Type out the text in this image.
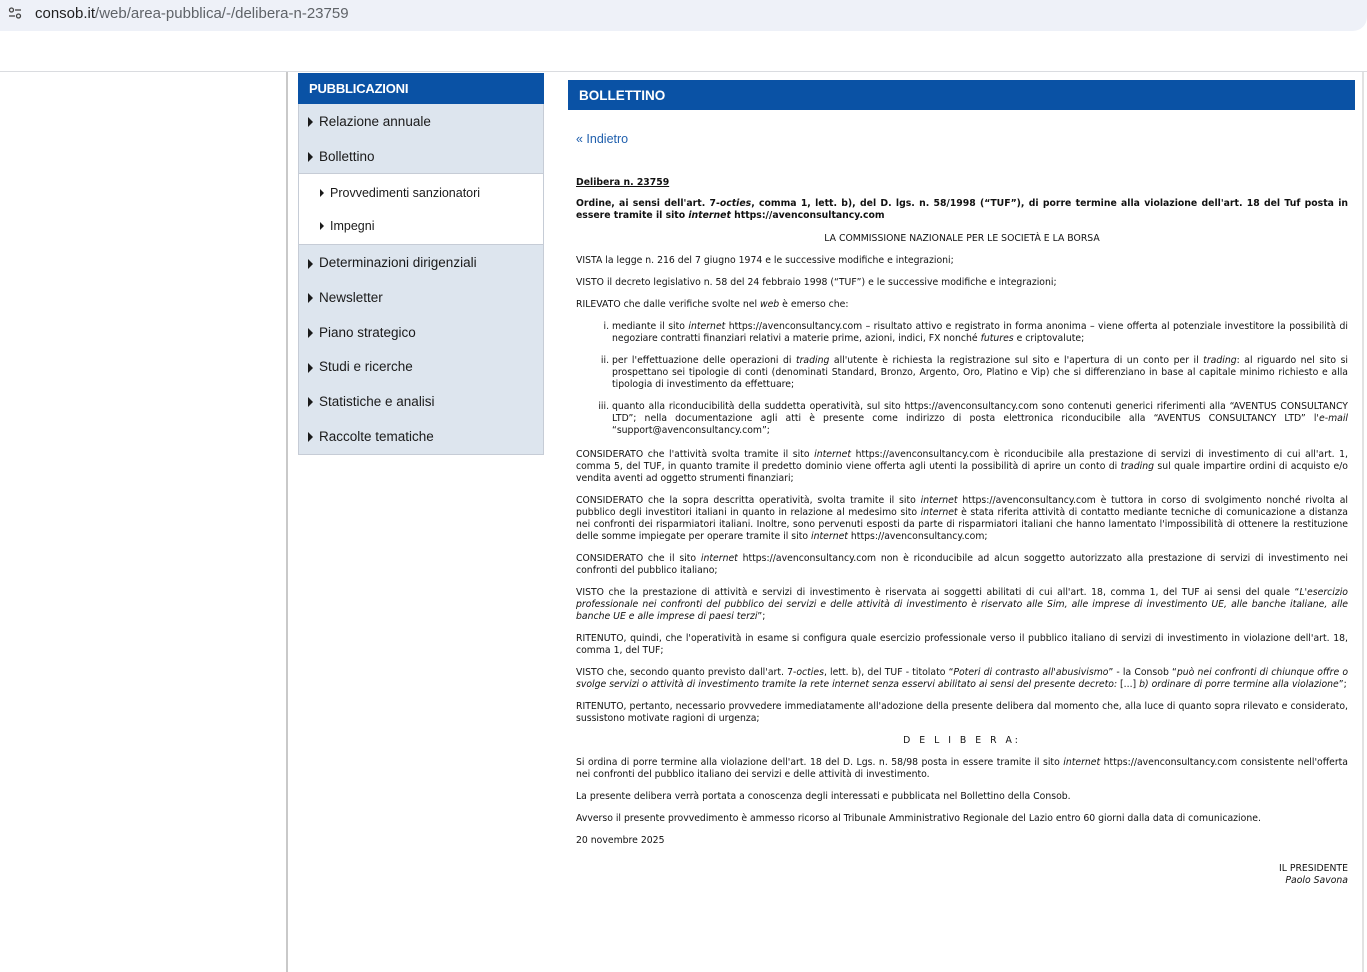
consob.it/web/area-pubblica/-/delibera-n-23759
PUBBLICAZIONI
Relazione annuale
Bollettino
Provvedimenti sanzionatori
Impegni
Determinazioni dirigenziali
Newsletter
Piano strategico
Studi e ricerche
Statistiche e analisi
Raccolte tematiche
BOLLETTINO
« Indietro

Delibera n. 23759

Ordine, ai sensi dell'art. 7-octies, comma 1, lett. b), del D. lgs. n. 58/1998 (“TUF”), di porre termine alla violazione dell'art. 18 del Tuf posta in essere tramite il sito internet https://avenconsultancy.com

LA COMMISSIONE NAZIONALE PER LE SOCIETÀ E LA BORSA

VISTA la legge n. 216 del 7 giugno 1974 e le successive modifiche e integrazioni;

VISTO il decreto legislativo n. 58 del 24 febbraio 1998 (“TUF”) e le successive modifiche e integrazioni;

RILEVATO che dalle verifiche svolte nel web è emerso che:

i. mediante il sito internet https://avenconsultancy.com – risultato attivo e registrato in forma anonima – viene offerta al potenziale investitore la possibilità di negoziare contratti finanziari relativi a materie prime, azioni, indici, FX nonché futures e criptovalute;
ii. per l'effettuazione delle operazioni di trading all'utente è richiesta la registrazione sul sito e l'apertura di un conto per il trading: al riguardo nel sito si prospettano sei tipologie di conti (denominati Standard, Bronzo, Argento, Oro, Platino e Vip) che si differenziano in base al capitale minimo richiesto e alla tipologia di investimento da effettuare;
iii. quanto alla riconducibilità della suddetta operatività, sul sito https://avenconsultancy.com sono contenuti generici riferimenti alla “AVENTUS CONSULTANCY LTD”; nella documentazione agli atti è presente come indirizzo di posta elettronica riconducibile alla “AVENTUS CONSULTANCY LTD” l'e-mail “support@avenconsultancy.com”;

CONSIDERATO che l'attività svolta tramite il sito internet https://avenconsultancy.com è riconducibile alla prestazione di servizi di investimento di cui all'art. 1, comma 5, del TUF, in quanto tramite il predetto dominio viene offerta agli utenti la possibilità di aprire un conto di trading sul quale impartire ordini di acquisto e/o vendita aventi ad oggetto strumenti finanziari;

CONSIDERATO che la sopra descritta operatività, svolta tramite il sito internet https://avenconsultancy.com è tuttora in corso di svolgimento nonché rivolta al pubblico degli investitori italiani in quanto in relazione al medesimo sito internet è stata riferita attività di contatto mediante tecniche di comunicazione a distanza nei confronti dei risparmiatori italiani. Inoltre, sono pervenuti esposti da parte di risparmiatori italiani che hanno lamentato l'impossibilità di ottenere la restituzione delle somme impiegate per operare tramite il sito internet https://avenconsultancy.com;

CONSIDERATO che il sito internet https://avenconsultancy.com non è riconducibile ad alcun soggetto autorizzato alla prestazione di servizi di investimento nei confronti del pubblico italiano;

VISTO che la prestazione di attività e servizi di investimento è riservata ai soggetti abilitati di cui all'art. 18, comma 1, del TUF ai sensi del quale “L'esercizio professionale nei confronti del pubblico dei servizi e delle attività di investimento è riservato alle Sim, alle imprese di investimento UE, alle banche italiane, alle banche UE e alle imprese di paesi terzi”;

RITENUTO, quindi, che l'operatività in esame si configura quale esercizio professionale verso il pubblico italiano di servizi di investimento in violazione dell'art. 18, comma 1, del TUF;

VISTO che, secondo quanto previsto dall'art. 7-octies, lett. b), del TUF - titolato “Poteri di contrasto all'abusivismo” - la Consob “può nei confronti di chiunque offre o svolge servizi o attività di investimento tramite la rete internet senza esservi abilitato ai sensi del presente decreto: [...] b) ordinare di porre termine alla violazione”;

RITENUTO, pertanto, necessario provvedere immediatamente all'adozione della presente delibera dal momento che, alla luce di quanto sopra rilevato e considerato, sussistono motivate ragioni di urgenza;

D E L I B E R A:

Si ordina di porre termine alla violazione dell'art. 18 del D. Lgs. n. 58/98 posta in essere tramite il sito internet https://avenconsultancy.com consistente nell'offerta nei confronti del pubblico italiano dei servizi e delle attività di investimento.

La presente delibera verrà portata a conoscenza degli interessati e pubblicata nel Bollettino della Consob.

Avverso il presente provvedimento è ammesso ricorso al Tribunale Amministrativo Regionale del Lazio entro 60 giorni dalla data di comunicazione.

20 novembre 2025

IL PRESIDENTE
Paolo Savona
